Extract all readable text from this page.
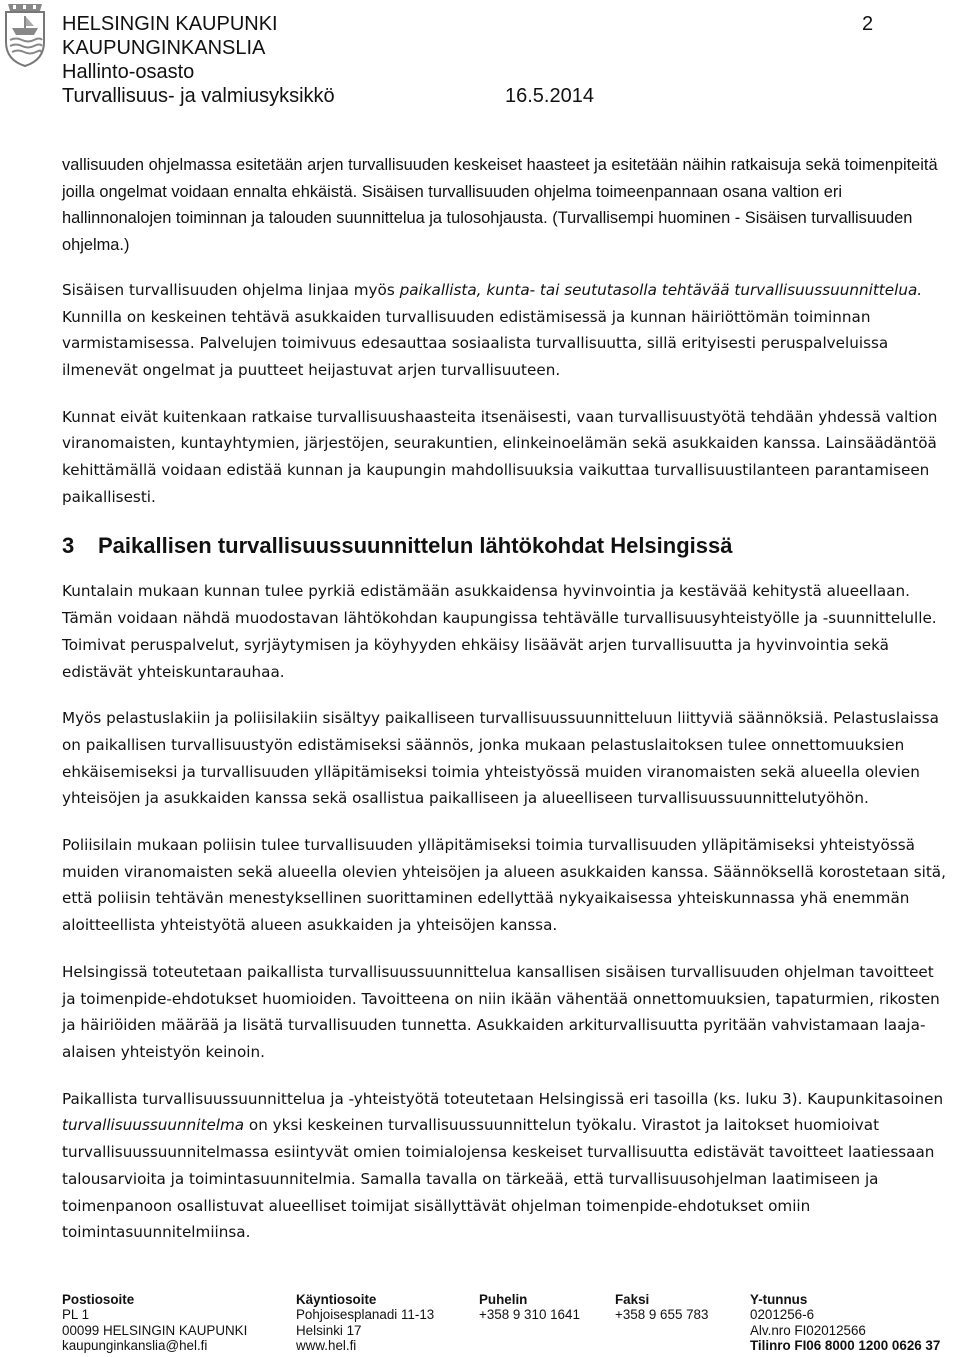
HELSINGIN KAUPUNKI
KAUPUNGINKANSLIA
Hallinto-osasto
Turvallisuus- ja valmiusyksikkö	16.5.2014
2

vallisuuden ohjelmassa esitetään arjen turvallisuuden keskeiset haasteet ja esitetään näihin ratkaisuja sekä toimenpiteitä joilla ongelmat voidaan ennalta ehkäistä. Sisäisen turvallisuuden ohjelma toimeenpannaan osana valtion eri hallinnonalojen toiminnan ja talouden suunnittelua ja tulosohjausta. (Turvallisempi huominen - Sisäisen turvallisuuden ohjelma.)

Sisäisen turvallisuuden ohjelma linjaa myös paikallista, kunta- tai seututasolla tehtävää turvallisuussuunnittelua. Kunnilla on keskeinen tehtävä asukkaiden turvallisuuden edistämisessä ja kunnan häiriöttömän toiminnan varmistamisessa. Palvelujen toimivuus edesauttaa sosiaalista turvallisuutta, sillä erityisesti peruspalveluissa ilmenevät ongelmat ja puutteet heijastuvat arjen turvallisuuteen.

Kunnat eivät kuitenkaan ratkaise turvallisuushaasteita itsenäisesti, vaan turvallisuustyötä tehdään yhdessä valtion viranomaisten, kuntayhtymien, järjestöjen, seurakuntien, elinkeinoelämän sekä asukkaiden kanssa. Lainsäädäntöä kehittämällä voidaan edistää kunnan ja kaupungin mahdollisuuksia vaikuttaa turvallisuustilanteen parantamiseen paikallisesti.

3 Paikallisen turvallisuussuunnittelun lähtökohdat Helsingissä

Kuntalain mukaan kunnan tulee pyrkiä edistämään asukkaidensa hyvinvointia ja kestävää kehitystä alueellaan. Tämän voidaan nähdä muodostavan lähtökohdan kaupungissa tehtävälle turvallisuusyhteistyölle ja -suunnittelulle. Toimivat peruspalvelut, syrjäytymisen ja köyhyyden ehkäisy lisäävät arjen turvallisuutta ja hyvinvointia sekä edistävät yhteiskuntarauhaa.

Myös pelastuslakiin ja poliisilakiin sisältyy paikalliseen turvallisuussuunnitteluun liittyviä säännöksiä. Pelastuslaissa on paikallisen turvallisuustyön edistämiseksi säännös, jonka mukaan pelastuslaitoksen tulee onnettomuuksien ehkäisemiseksi ja turvallisuuden ylläpitämiseksi toimia yhteistyössä muiden viranomaisten sekä alueella olevien yhteisöjen ja asukkaiden kanssa sekä osallistua paikalliseen ja alueelliseen turvallisuussuunnittelutyöhön.

Poliisilain mukaan poliisin tulee turvallisuuden ylläpitämiseksi toimia turvallisuuden ylläpitämiseksi yhteistyössä muiden viranomaisten sekä alueella olevien yhteisöjen ja alueen asukkaiden kanssa. Säännöksellä korostetaan sitä, että poliisin tehtävän menestyksellinen suorittaminen edellyttää nykyaikaisessa yhteiskunnassa yhä enemmän aloitteellista yhteistyötä alueen asukkaiden ja yhteisöjen kanssa.

Helsingissä toteutetaan paikallista turvallisuussuunnittelua kansallisen sisäisen turvallisuuden ohjelman tavoitteet ja toimenpide-ehdotukset huomioiden. Tavoitteena on niin ikään vähentää onnettomuuksien, tapaturmien, rikosten ja häiriöiden määrää ja lisätä turvallisuuden tunnetta. Asukkaiden arkiturvallisuutta pyritään vahvistamaan laaja-alaisen yhteistyön keinoin.

Paikallista turvallisuussuunnittelua ja -yhteistyötä toteutetaan Helsingissä eri tasoilla (ks. luku 3). Kaupunkitasoinen turvallisuussuunnitelma on yksi keskeinen turvallisuussuunnittelun työkalu. Virastot ja laitokset huomioivat turvallisuussuunnitelmassa esiintyvät omien toimialojensa keskeiset turvallisuutta edistävät tavoitteet laatiessaan talousarvioita ja toimintasuunnitelmia. Samalla tavalla on tärkeää, että turvallisuusohjelman laatimiseen ja toimenpanoon osallistuvat alueelliset toimijat sisällyttävät ohjelman toimenpide-ehdotukset omiin toimintasuunnitelmiinsa.

Postiosoite
PL 1
00099 HELSINGIN KAUPUNKI
kaupunginkanslia@hel.fi
Käyntiosoite
Pohjoisesplanadi 11-13
Helsinki 17
www.hel.fi
Puhelin
+358 9 310 1641
Faksi
+358 9 655 783
Y-tunnus
0201256-6
Alv.nro FI02012566
Tilinro FI06 8000 1200 0626 37
